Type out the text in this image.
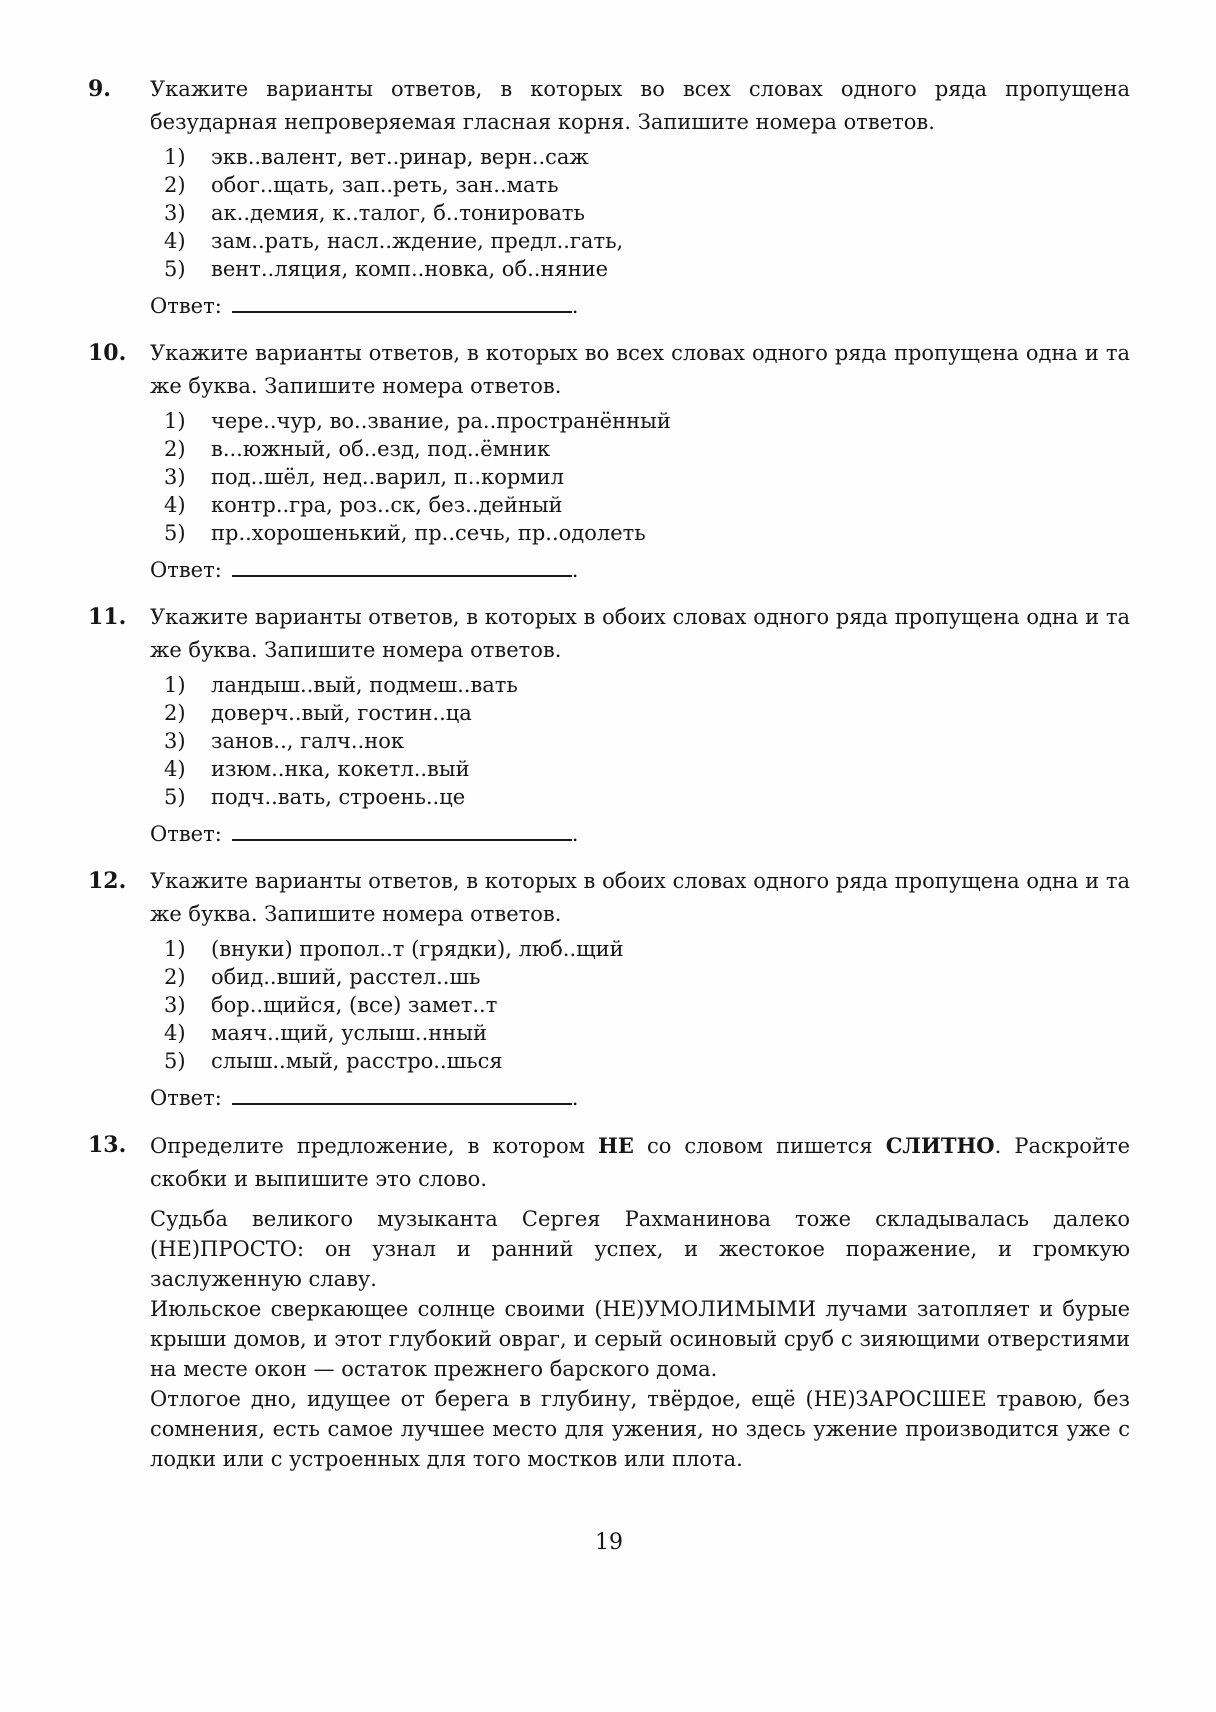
9.	Укажите варианты ответов, в которых во всех словах одного ряда пропущена безударная непроверяемая гласная корня. Запишите номера ответов.

1)	экв..валент, вет..ринар, верн..саж
2)	обог..щать, зап..реть, зан..мать
3)	ак..демия, к..талог, б..тонировать
4)	зам..рать, насл..ждение, предл..гать,
5)	вент..ляция, комп..новка, об..няние
Ответ:	.
10.	Укажите варианты ответов, в которых во всех словах одного ряда пропущена одна и та же буква. Запишите номера ответов.

1)	чере..чур, во..звание, ра..пространённый
2)	в...южный, об..езд, под..ёмник
3)	под..шёл, нед..варил, п..кормил
4)	контр..гра, роз..ск, без..дейный
5)	пр..хорошенький, пр..сечь, пр..одолеть
Ответ:	.
11.	Укажите варианты ответов, в которых в обоих словах одного ряда пропущена одна и та же буква. Запишите номера ответов.

1)	ландыш..вый, подмеш..вать
2)	доверч..вый, гостин..ца
3)	занов.., галч..нок
4)	изюм..нка, кокетл..вый
5)	подч..вать, строень..це
Ответ:	.
12.	Укажите варианты ответов, в которых в обоих словах одного ряда пропущена одна и та же буква. Запишите номера ответов.

1)	(внуки) пропол..т (грядки), люб..щий
2)	обид..вший, расстел..шь
3)	бор..щийся, (все) замет..т
4)	маяч..щий, услыш..нный
5)	слыш..мый, расстро..шься
Ответ:	.
13.	Определите предложение, в котором НЕ со словом пишется СЛИТНО. Раскройте скобки и выпишите это слово.

Судьба великого музыканта Сергея Рахманинова тоже складывалась далеко (НЕ)ПРОСТО: он узнал и ранний успех, и жестокое поражение, и громкую заслуженную славу.

Июльское сверкающее солнце своими (НЕ)УМОЛИМЫМИ лучами затопляет и бурые крыши домов, и этот глубокий овраг, и серый осиновый сруб с зияющими отверстиями на месте окон — остаток прежнего барского дома.

Отлогое дно, идущее от берега в глубину, твёрдое, ещё (НЕ)ЗАРОСШЕЕ травою, без сомнения, есть самое лучшее место для ужения, но здесь ужение производится уже с лодки или с устроенных для того мостков или плота.

19
